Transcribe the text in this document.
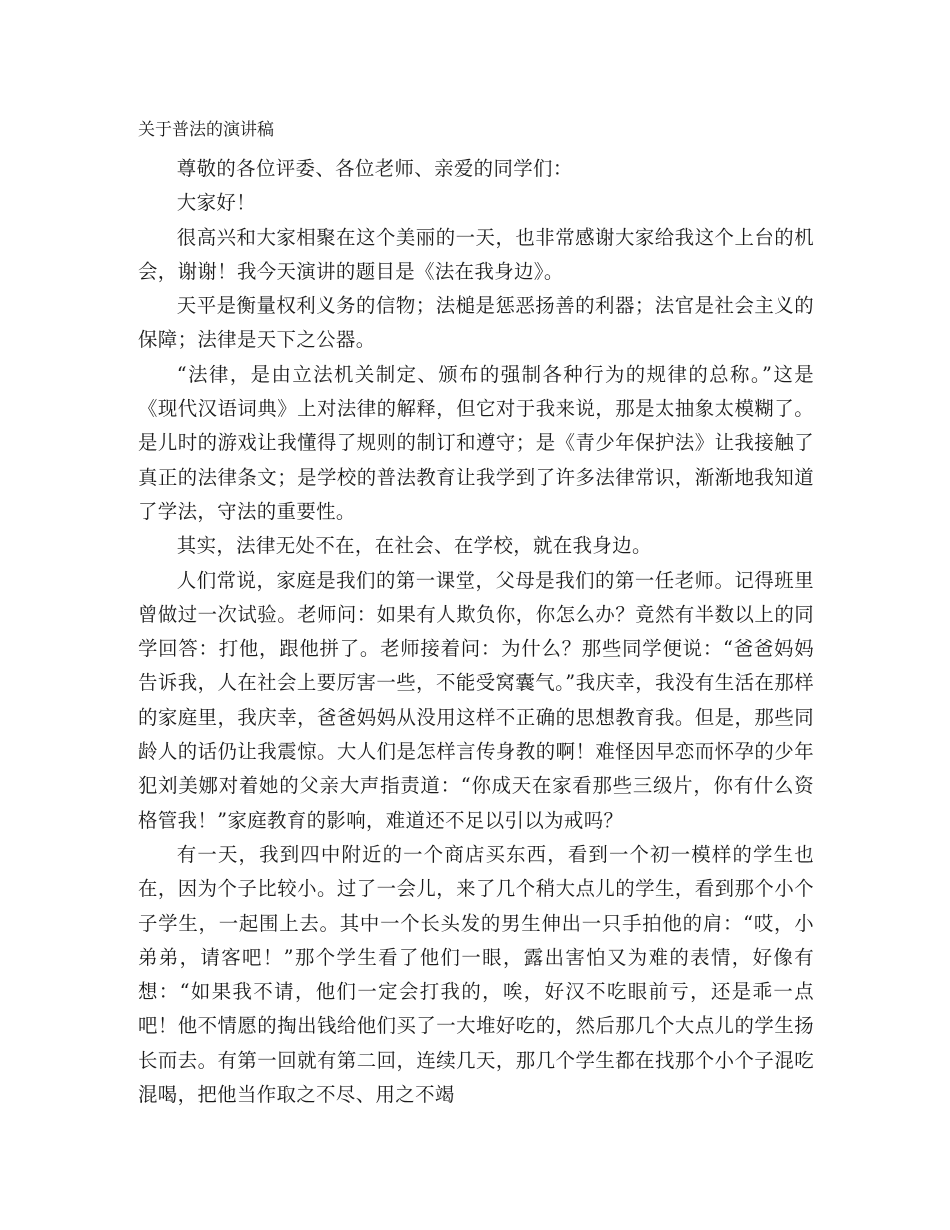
关于普法的演讲稿

尊敬的各位评委、各位老师、亲爱的同学们：

大家好！

很高兴和大家相聚在这个美丽的一天，也非常感谢大家给我这个上台的机会，谢谢！我今天演讲的题目是《法在我身边》。

天平是衡量权利义务的信物；法槌是惩恶扬善的利器；法官是社会主义的保障；法律是天下之公器。

“法律，是由立法机关制定、颁布的强制各种行为的规律的总称。”这是《现代汉语词典》上对法律的解释，但它对于我来说，那是太抽象太模糊了。是儿时的游戏让我懂得了规则的制订和遵守；是《青少年保护法》让我接触了真正的法律条文；是学校的普法教育让我学到了许多法律常识，渐渐地我知道了学法，守法的重要性。

其实，法律无处不在，在社会、在学校，就在我身边。

人们常说，家庭是我们的第一课堂，父母是我们的第一任老师。记得班里曾做过一次试验。老师问：如果有人欺负你，你怎么办？竟然有半数以上的同学回答：打他，跟他拼了。老师接着问：为什么？那些同学便说：“爸爸妈妈告诉我，人在社会上要厉害一些，不能受窝囊气。”我庆幸，我没有生活在那样的家庭里，我庆幸，爸爸妈妈从没用这样不正确的思想教育我。但是，那些同龄人的话仍让我震惊。大人们是怎样言传身教的啊！难怪因早恋而怀孕的少年犯刘美娜对着她的父亲大声指责道：“你成天在家看那些三级片，你有什么资格管我！”家庭教育的影响，难道还不足以引以为戒吗？

有一天，我到四中附近的一个商店买东西，看到一个初一模样的学生也在，因为个子比较小。过了一会儿，来了几个稍大点儿的学生，看到那个小个子学生，一起围上去。其中一个长头发的男生伸出一只手拍他的肩：“哎，小弟弟，请客吧！”那个学生看了他们一眼，露出害怕又为难的表情，好像有想：“如果我不请，他们一定会打我的，唉，好汉不吃眼前亏，还是乖一点吧！他不情愿的掏出钱给他们买了一大堆好吃的，然后那几个大点儿的学生扬长而去。有第一回就有第二回，连续几天，那几个学生都在找那个小个子混吃混喝，把他当作取之不尽、用之不竭
